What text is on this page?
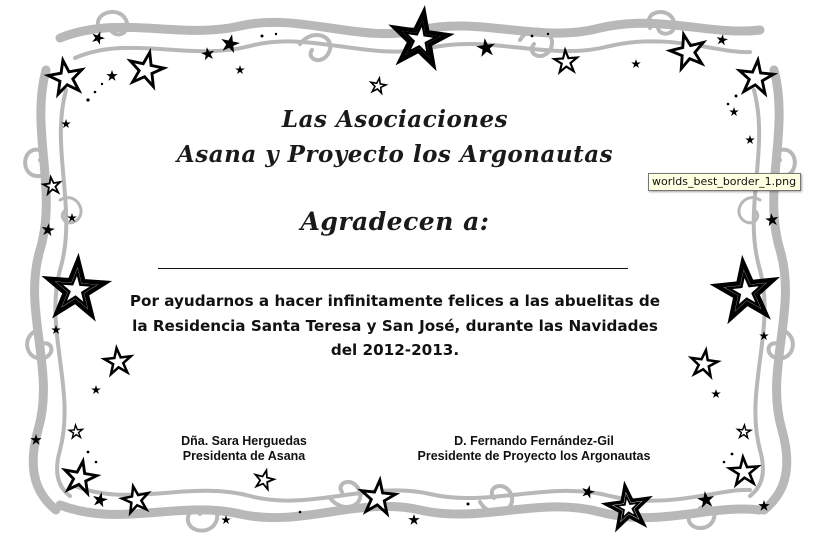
Las Asociaciones
Asana y Proyecto los Argonautas
Agradecen a:
Por ayudarnos a hacer infinitamente felices a las abuelitas de la Residencia Santa Teresa y San José, durante las Navidades del 2012-2013.
Dña. Sara Herguedas
Presidenta de Asana
D. Fernando Fernández-Gil
Presidente de Proyecto los Argonautas
worlds_best_border_1.png
